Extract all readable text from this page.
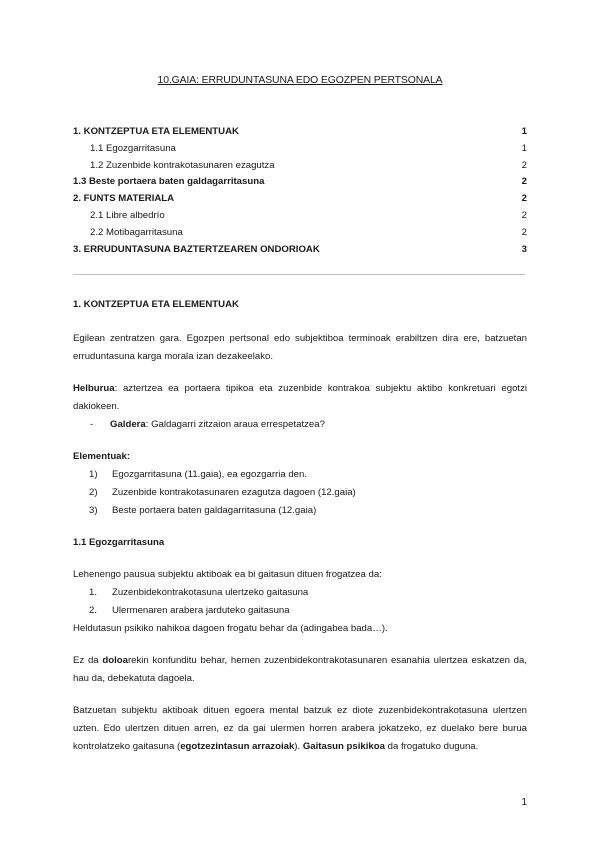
10.GAIA: ERRUDUNTASUNA EDO EGOZPEN PERTSONALA
1. KONTZEPTUA ETA ELEMENTUAK	1
1.1 Egozgarritasuna	1
1.2 Zuzenbide kontrakotasunaren ezagutza	2
1.3 Beste portaera baten galdagarritasuna	2
2. FUNTS MATERIALA	2
2.1 Libre albedrío	2
2.2 Motibagarritasuna	2
3. ERRUDUNTASUNA BAZTERTZEAREN ONDORIOAK	3

1. KONTZEPTUA ETA ELEMENTUAK

Egilean zentratzen gara. Egozpen pertsonal edo subjektiboa terminoak erabiltzen dira ere, batzuetan erruduntasuna karga morala izan dezakeelako.

Helburua: aztertzea ea portaera tipikoa eta zuzenbide kontrakoa subjektu aktibo konkretuari egotzi dakiokeen.

-	Galdera: Galdagarri zitzaion araua errespetatzea?

Elementuak:

1)	Egozgarritasuna (11.gaia), ea egozgarria den.
2)	Zuzenbide kontrakotasunaren ezagutza dagoen (12.gaia)
3)	Beste portaera baten galdagarritasuna (12.gaia)

1.1 Egozgarritasuna

Lehenengo pausua subjektu aktiboak ea bi gaitasun dituen frogatzea da:

1.	Zuzenbidekontrakotasuna ulertzeko gaitasuna
2.	Ulermenaren arabera jarduteko gaitasuna

Heldutasun psikiko nahikoa dagoen frogatu behar da (adingabea bada…).

Ez da doloarekin konfunditu behar, hemen zuzenbidekontrakotasunaren esanahia ulertzea eskatzen da, hau da, debekatuta dagoela.

Batzuetan subjektu aktiboak dituen egoera mental batzuk ez diote zuzenbidekontrakotasuna ulertzen uzten. Edo ulertzen dituen arren, ez da gai ulermen horren arabera jokatzeko, ez duelako bere burua kontrolatzeko gaitasuna (egotzezintasun arrazoiak). Gaitasun psikikoa da frogatuko duguna.

1
